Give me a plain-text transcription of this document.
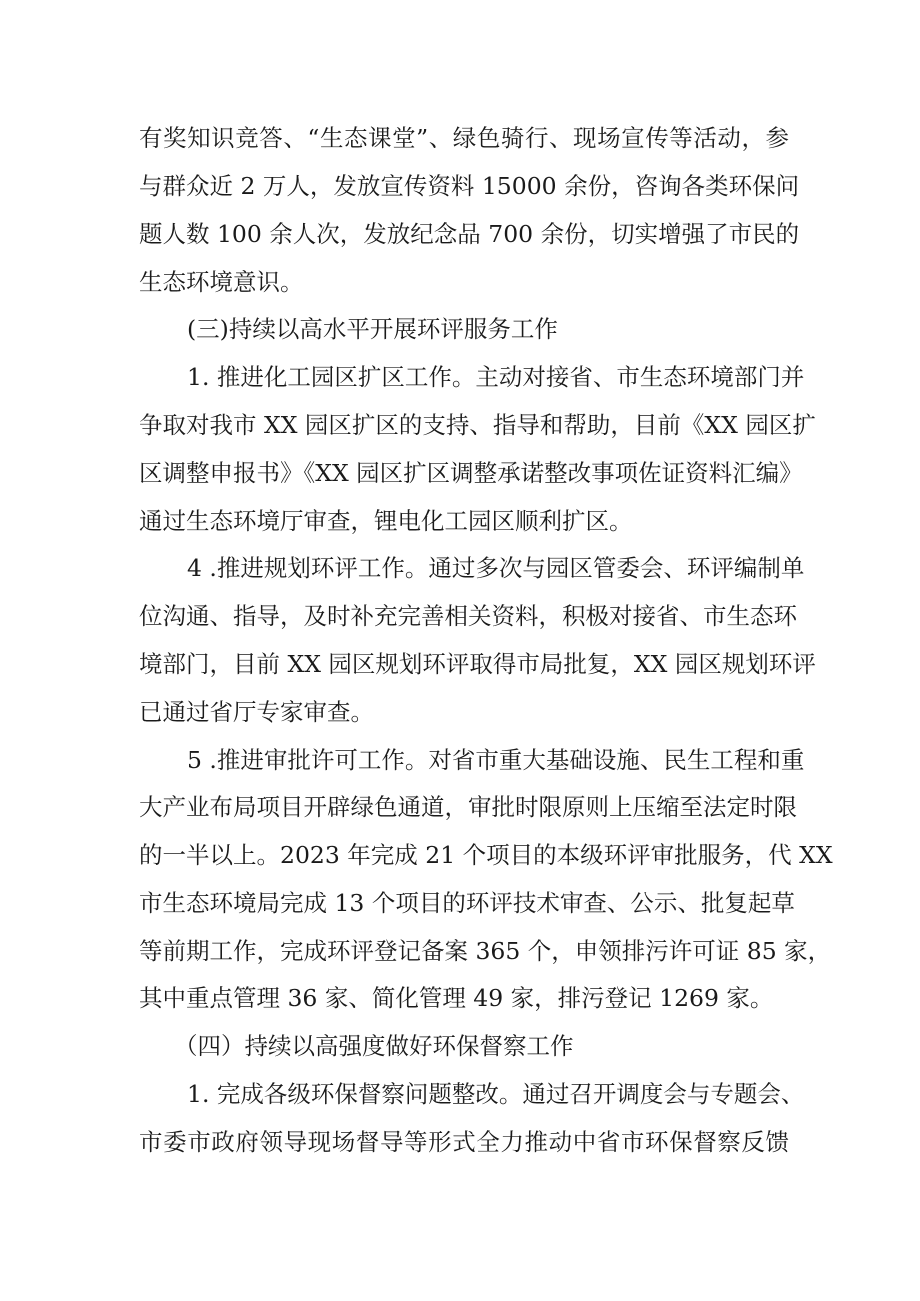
有奖知识竞答、“生态课堂”、绿色骑行、现场宣传等活动，参
与群众近 2 万人，发放宣传资料 15000 余份，咨询各类环保问
题人数 100 余人次，发放纪念品 700 余份，切实增强了市民的
生态环境意识。
(三)持续以高水平开展环评服务工作
1. 推进化工园区扩区工作。主动对接省、市生态环境部门并
争取对我市 XX 园区扩区的支持、指导和帮助，目前《XX 园区扩
区调整申报书》《XX 园区扩区调整承诺整改事项佐证资料汇编》
通过生态环境厅审查，锂电化工园区顺利扩区。
4 .推进规划环评工作。通过多次与园区管委会、环评编制单
位沟通、指导，及时补充完善相关资料，积极对接省、市生态环
境部门，目前 XX 园区规划环评取得市局批复，XX 园区规划环评
已通过省厅专家审查。
5 .推进审批许可工作。对省市重大基础设施、民生工程和重
大产业布局项目开辟绿色通道，审批时限原则上压缩至法定时限
的一半以上。2023 年完成 21 个项目的本级环评审批服务，代 XX
市生态环境局完成 13 个项目的环评技术审查、公示、批复起草
等前期工作，完成环评登记备案 365 个，申领排污许可证 85 家，
其中重点管理 36 家、简化管理 49 家，排污登记 1269 家。
（四）持续以高强度做好环保督察工作
1. 完成各级环保督察问题整改。通过召开调度会与专题会、
市委市政府领导现场督导等形式全力推动中省市环保督察反馈
